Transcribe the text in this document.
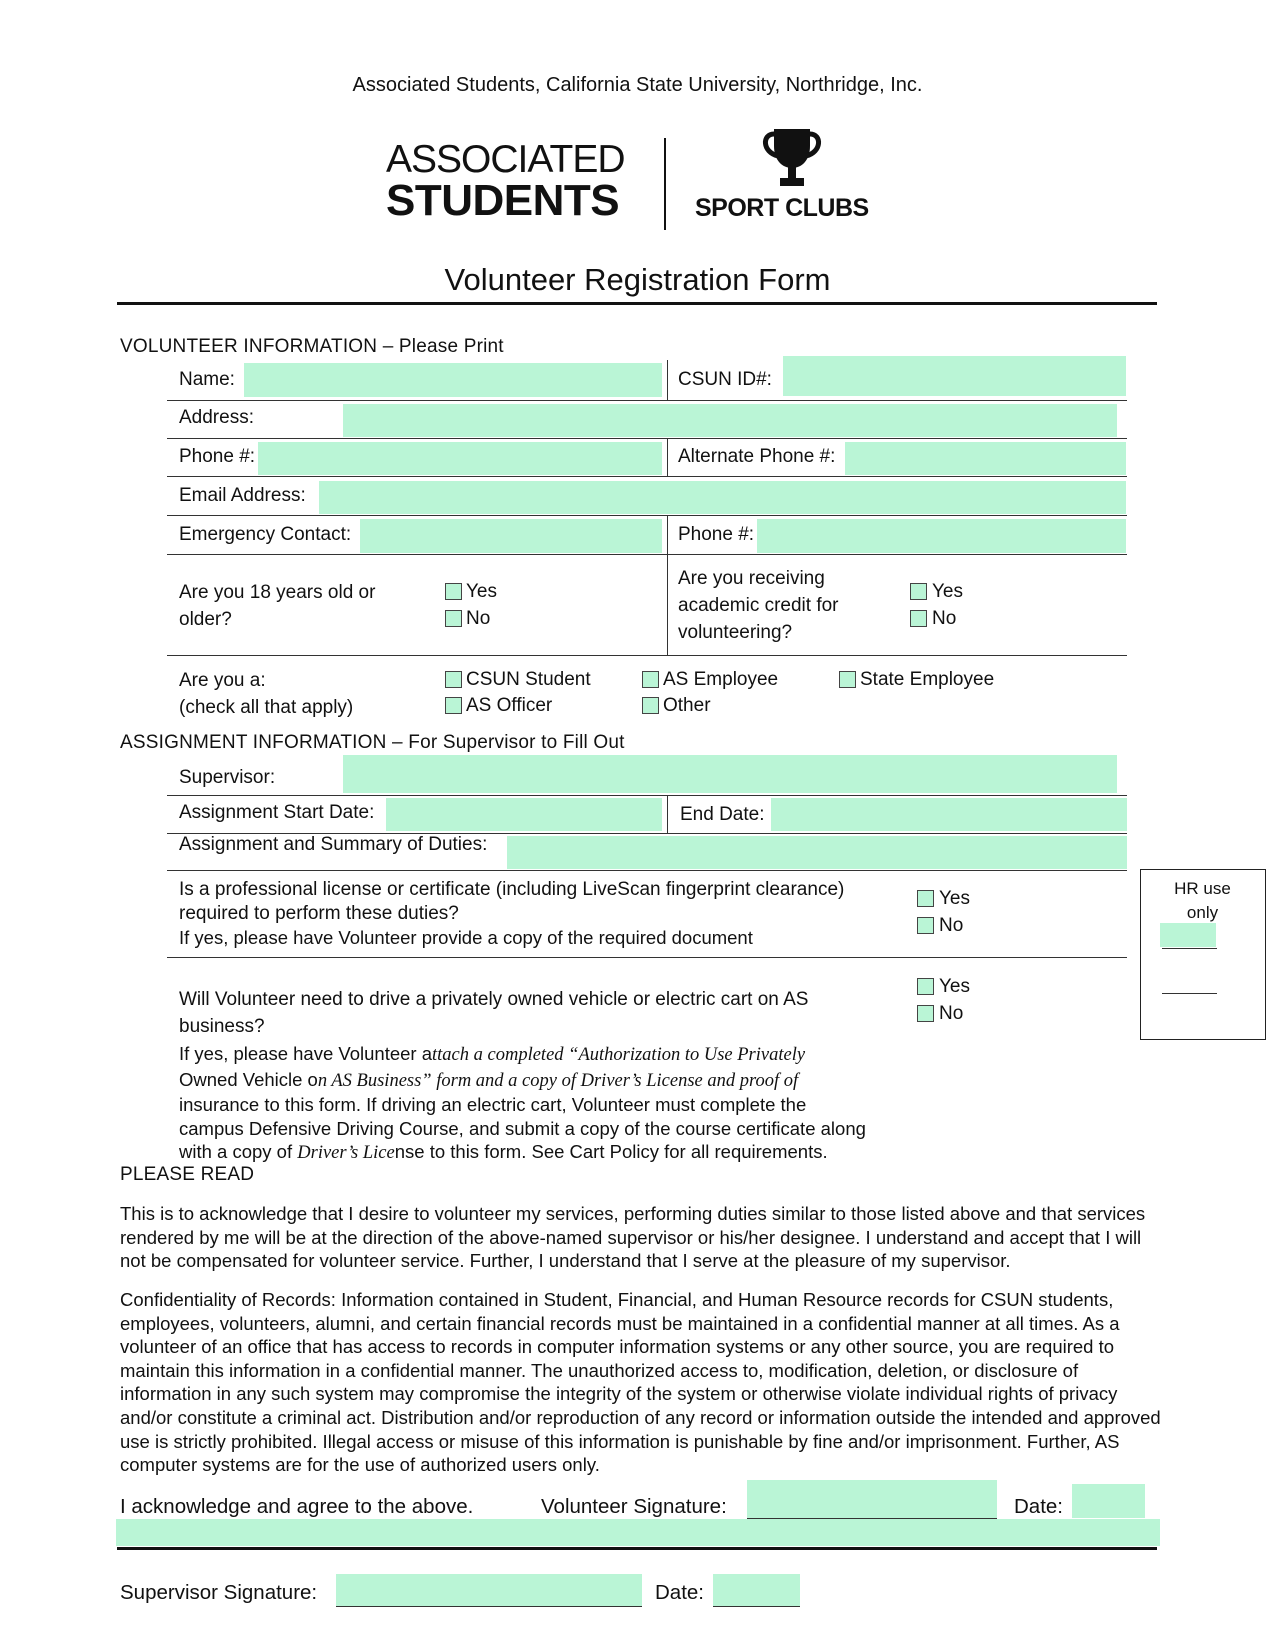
Associated Students, California State University, Northridge, Inc.
ASSOCIATED
STUDENTS	SPORT CLUBS
Volunteer Registration Form
VOLUNTEER INFORMATION – Please Print
Name:	CSUN ID#:
Address:
Phone #:	Alternate Phone #:
Email Address:
Emergency Contact:	Phone #:
Are you 18 years old or
older?
Yes
No
Are you receiving
academic credit for
volunteering?
Yes
No
Are you a:
(check all that apply)
CSUN Student	AS Employee	State Employee
AS Officer	Other
ASSIGNMENT INFORMATION – For Supervisor to Fill Out
Supervisor:
Assignment Start Date:	End Date:
Assignment and Summary of Duties:
Is a professional license or certificate (including LiveScan fingerprint clearance)
required to perform these duties?
If yes, please have Volunteer provide a copy of the required document
Yes
No
Will Volunteer need to drive a privately owned vehicle or electric cart on AS
business?
Yes
No
If yes, please have Volunteer attach a completed “Authorization to Use Privately
Owned Vehicle on AS Business” form and a copy of Driver’s License and proof of
insurance to this form. If driving an electric cart, Volunteer must complete the
campus Defensive Driving Course, and submit a copy of the course certificate along
with a copy of Driver’s License to this form. See Cart Policy for all requirements.
HR use
only
PLEASE READ
This is to acknowledge that I desire to volunteer my services, performing duties similar to those listed above and that services rendered by me will be at the direction of the above-named supervisor or his/her designee. I understand and accept that I will not be compensated for volunteer service. Further, I understand that I serve at the pleasure of my supervisor.
Confidentiality of Records: Information contained in Student, Financial, and Human Resource records for CSUN students, employees, volunteers, alumni, and certain financial records must be maintained in a confidential manner at all times. As a volunteer of an office that has access to records in computer information systems or any other source, you are required to maintain this information in a confidential manner. The unauthorized access to, modification, deletion, or disclosure of information in any such system may compromise the integrity of the system or otherwise violate individual rights of privacy and/or constitute a criminal act. Distribution and/or reproduction of any record or information outside the intended and approved use is strictly prohibited. Illegal access or misuse of this information is punishable by fine and/or imprisonment. Further, AS computer systems are for the use of authorized users only.
I acknowledge and agree to the above.	Volunteer Signature:	Date:
Supervisor Signature:	Date:
